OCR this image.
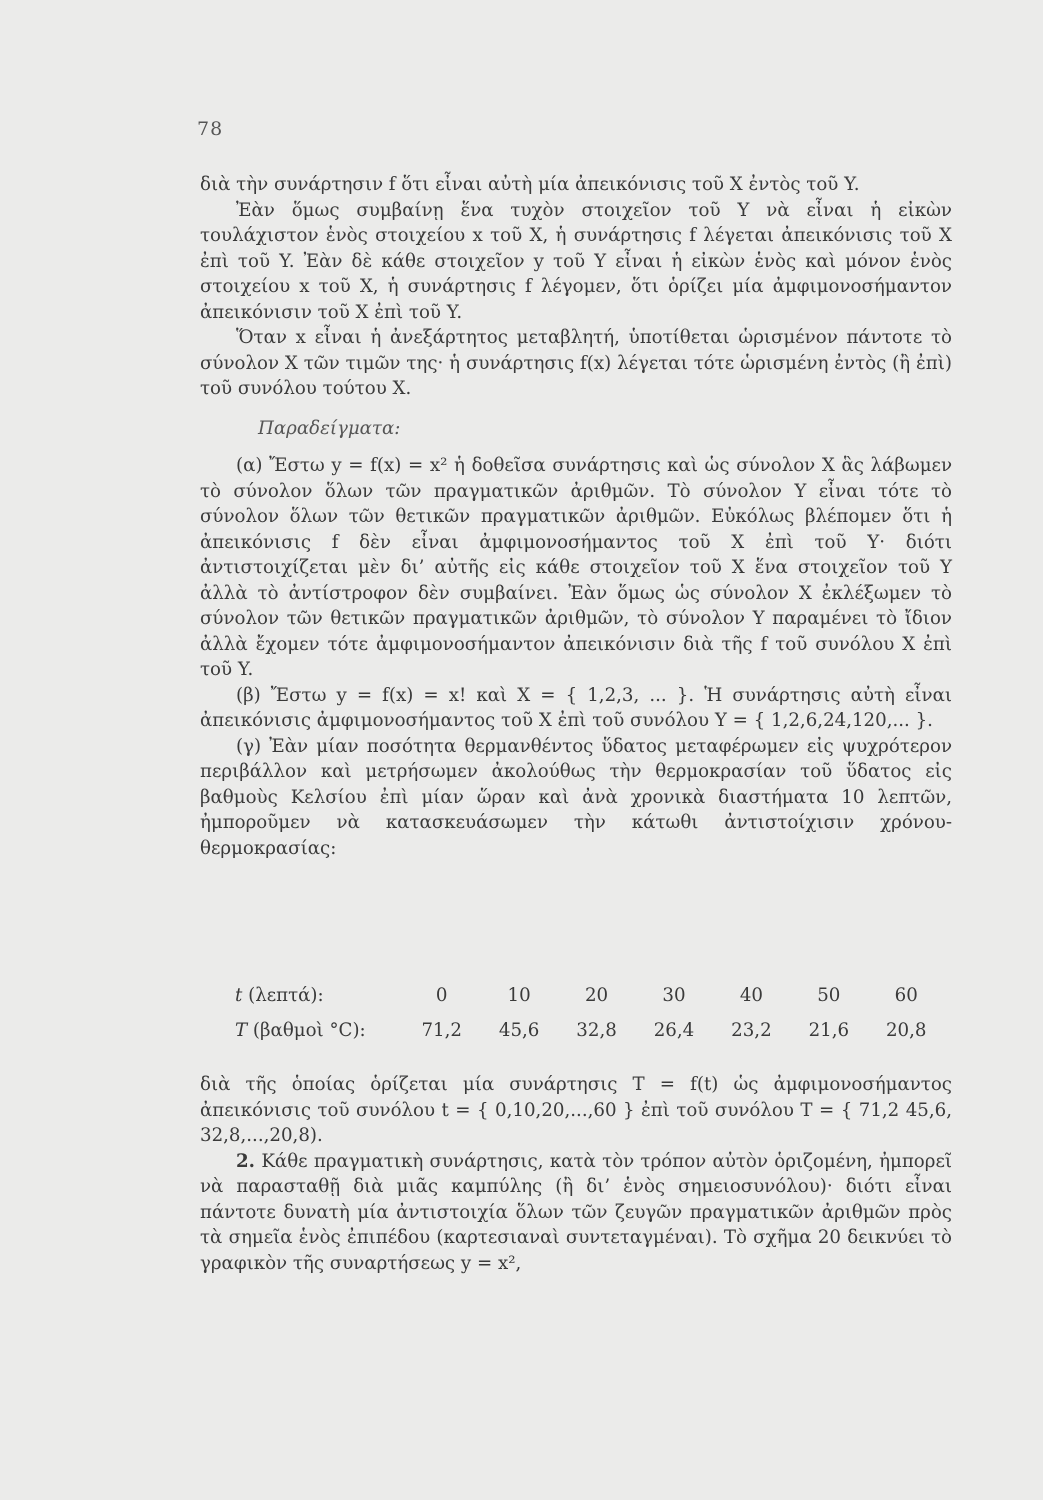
78

διὰ τὴν συνάρτησιν f ὅτι εἶναι αὐτὴ μία ἀπεικόνισις τοῦ X ἐντὸς τοῦ Y.

Ἐὰν ὅμως συμβαίνῃ ἕνα τυχὸν στοιχεῖον τοῦ Y νὰ εἶναι ἡ εἰκὼν τουλάχιστον ἑνὸς στοιχείου x τοῦ X, ἡ συνάρτησις f λέγεται ἀπεικόνισις τοῦ X ἐπὶ τοῦ Y. Ἐὰν δὲ κάθε στοιχεῖον y τοῦ Y εἶναι ἡ εἰκὼν ἑνὸς καὶ μόνον ἑνὸς στοιχείου x τοῦ X, ἡ συνάρτησις f λέγομεν, ὅτι ὁρίζει μία ἀμφιμονοσήμαντον ἀπεικόνισιν τοῦ X ἐπὶ τοῦ Y.

Ὅταν x εἶναι ἡ ἀνεξάρτητος μεταβλητή, ὑποτίθεται ὡρισμένον πάντοτε τὸ σύνολον X τῶν τιμῶν της· ἡ συνάρτησις f(x) λέγεται τότε ὡρισμένη ἐντὸς (ἢ ἐπὶ) τοῦ συνόλου τούτου X.

Παραδείγματα:

(α) Ἔστω y = f(x) = x² ἡ δοθεῖσα συνάρτησις καὶ ὡς σύνολον X ἃς λάβωμεν τὸ σύνολον ὅλων τῶν πραγματικῶν ἀριθμῶν. Τὸ σύνολον Y εἶναι τότε τὸ σύνολον ὅλων τῶν θετικῶν πραγματικῶν ἀριθμῶν. Εὐκόλως βλέπομεν ὅτι ἡ ἀπεικόνισις f δὲν εἶναι ἀμφιμονοσήμαντος τοῦ X ἐπὶ τοῦ Y· διότι ἀντιστοιχίζεται μὲν δι’ αὐτῆς εἰς κάθε στοιχεῖον τοῦ X ἕνα στοιχεῖον τοῦ Y ἀλλὰ τὸ ἀντίστροφον δὲν συμβαίνει. Ἐὰν ὅμως ὡς σύνολον X ἐκλέξωμεν τὸ σύνολον τῶν θετικῶν πραγματικῶν ἀριθμῶν, τὸ σύνολον Y παραμένει τὸ ἴδιον ἀλλὰ ἔχομεν τότε ἀμφιμονοσήμαντον ἀπεικόνισιν διὰ τῆς f τοῦ συνόλου X ἐπὶ τοῦ Y.

(β) Ἔστω y = f(x) = x! καὶ X = { 1,2,3, ... }. Ἡ συνάρτησις αὐτὴ εἶναι ἀπεικόνισις ἀμφιμονοσήμαντος τοῦ X ἐπὶ τοῦ συνόλου Y = { 1,2,6,24,120,... }.

(γ) Ἐὰν μίαν ποσότητα θερμανθέντος ὕδατος μεταφέρωμεν εἰς ψυχρότερον περιβάλλον καὶ μετρήσωμεν ἀκολούθως τὴν θερμοκρασίαν τοῦ ὕδατος εἰς βαθμοὺς Κελσίου ἐπὶ μίαν ὥραν καὶ ἀνὰ χρονικὰ διαστήματα 10 λεπτῶν, ἠμποροῦμεν νὰ κατασκευάσωμεν τὴν κάτωθι ἀντιστοίχισιν χρόνου-θερμοκρασίας:

t (λεπτά):	0	10	20	30	40	50	60
T (βαθμοὶ °C):	71,2	45,6	32,8	26,4	23,2	21,6	20,8

διὰ τῆς ὁποίας ὁρίζεται μία συνάρτησις T = f(t) ὡς ἀμφιμονοσήμαντος ἀπεικόνισις τοῦ συνόλου t = { 0,10,20,...,60 } ἐπὶ τοῦ συνόλου T = { 71,2 45,6, 32,8,...,20,8).

2. Κάθε πραγματικὴ συνάρτησις, κατὰ τὸν τρόπον αὐτὸν ὁριζομένη, ἠμπορεῖ νὰ παρασταθῇ διὰ μιᾶς καμπύλης (ἢ δι’ ἑνὸς σημειοσυνόλου)· διότι εἶναι πάντοτε δυνατὴ μία ἀντιστοιχία ὅλων τῶν ζευγῶν πραγματικῶν ἀριθμῶν πρὸς τὰ σημεῖα ἑνὸς ἐπιπέδου (καρτεσιαναὶ συντεταγμέναι). Τὸ σχῆμα 20 δεικνύει τὸ γραφικὸν τῆς συναρτήσεως y = x²,
